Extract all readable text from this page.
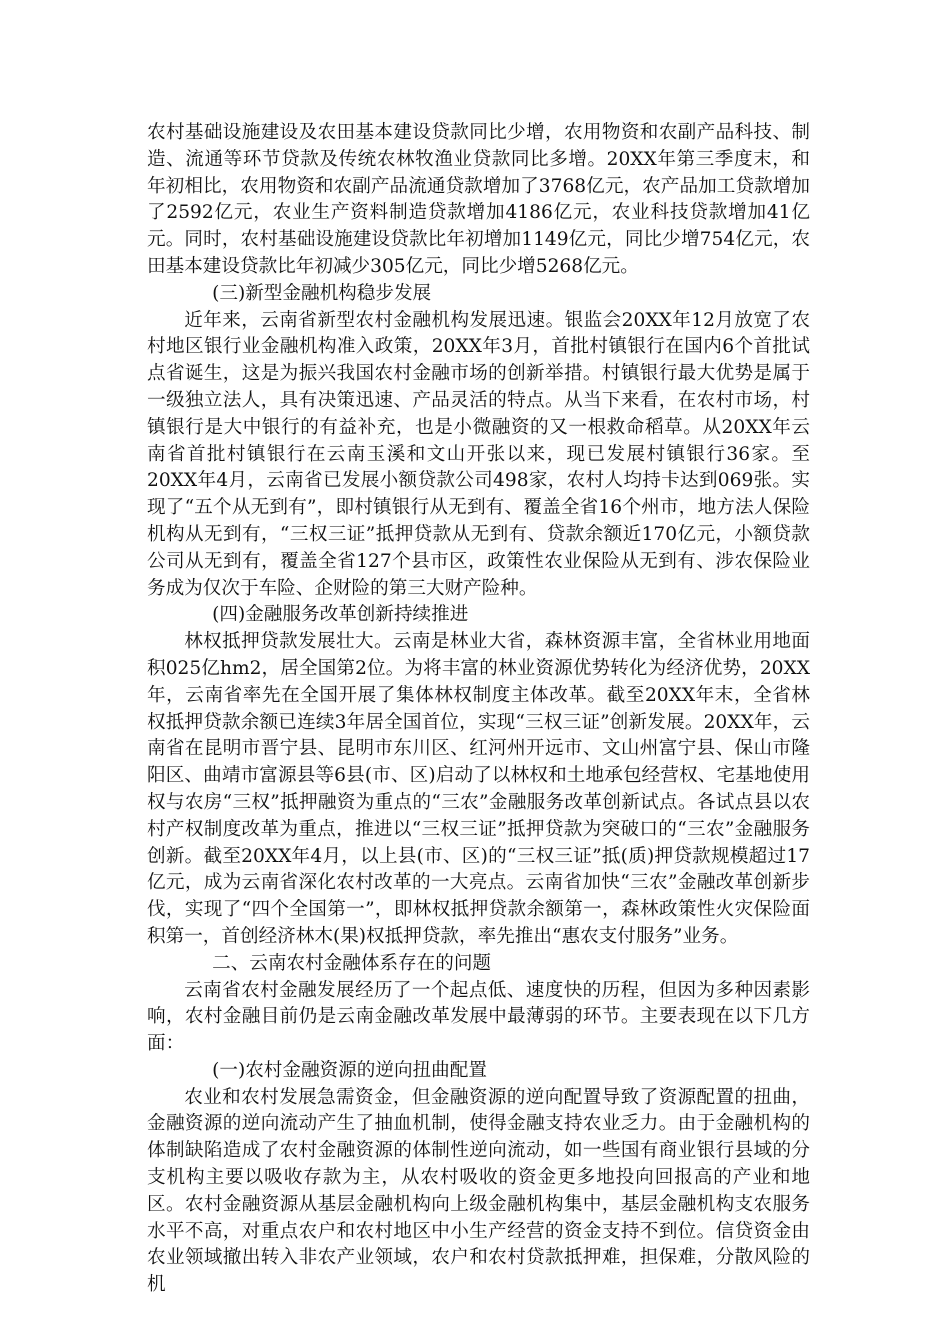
农村基础设施建设及农田基本建设贷款同比少增，农用物资和农副产品科技、制造、流通等环节贷款及传统农林牧渔业贷款同比多增。20XX年第三季度末，和年初相比，农用物资和农副产品流通贷款增加了3768亿元，农产品加工贷款增加了2592亿元，农业生产资料制造贷款增加4186亿元，农业科技贷款增加41亿元。同时，农村基础设施建设贷款比年初增加1149亿元，同比少增754亿元，农田基本建设贷款比年初减少305亿元，同比少增5268亿元。

(三)新型金融机构稳步发展

近年来，云南省新型农村金融机构发展迅速。银监会20XX年12月放宽了农村地区银行业金融机构准入政策，20XX年3月，首批村镇银行在国内6个首批试点省诞生，这是为振兴我国农村金融市场的创新举措。村镇银行最大优势是属于一级独立法人，具有决策迅速、产品灵活的特点。从当下来看，在农村市场，村镇银行是大中银行的有益补充，也是小微融资的又一根救命稻草。从20XX年云南省首批村镇银行在云南玉溪和文山开张以来，现已发展村镇银行36家。至20XX年4月，云南省已发展小额贷款公司498家，农村人均持卡达到069张。实现了“五个从无到有”，即村镇银行从无到有、覆盖全省16个州市，地方法人保险机构从无到有，“三权三证”抵押贷款从无到有、贷款余额近170亿元，小额贷款公司从无到有，覆盖全省127个县市区，政策性农业保险从无到有、涉农保险业务成为仅次于车险、企财险的第三大财产险种。

(四)金融服务改革创新持续推进

林权抵押贷款发展壮大。云南是林业大省，森林资源丰富，全省林业用地面积025亿hm2，居全国第2位。为将丰富的林业资源优势转化为经济优势，20XX年，云南省率先在全国开展了集体林权制度主体改革。截至20XX年末，全省林权抵押贷款余额已连续3年居全国首位，实现“三权三证”创新发展。20XX年，云南省在昆明市晋宁县、昆明市东川区、红河州开远市、文山州富宁县、保山市隆阳区、曲靖市富源县等6县(市、区)启动了以林权和土地承包经营权、宅基地使用权与农房“三权”抵押融资为重点的“三农”金融服务改革创新试点。各试点县以农村产权制度改革为重点，推进以“三权三证”抵押贷款为突破口的“三农”金融服务创新。截至20XX年4月，以上县(市、区)的“三权三证”抵(质)押贷款规模超过17亿元，成为云南省深化农村改革的一大亮点。云南省加快“三农”金融改革创新步伐，实现了“四个全国第一”，即林权抵押贷款余额第一，森林政策性火灾保险面积第一，首创经济林木(果)权抵押贷款，率先推出“惠农支付服务”业务。

二、云南农村金融体系存在的问题

云南省农村金融发展经历了一个起点低、速度快的历程，但因为多种因素影响，农村金融目前仍是云南金融改革发展中最薄弱的环节。主要表现在以下几方面：

(一)农村金融资源的逆向扭曲配置

农业和农村发展急需资金，但金融资源的逆向配置导致了资源配置的扭曲，金融资源的逆向流动产生了抽血机制，使得金融支持农业乏力。由于金融机构的体制缺陷造成了农村金融资源的体制性逆向流动，如一些国有商业银行县域的分支机构主要以吸收存款为主，从农村吸收的资金更多地投向回报高的产业和地区。农村金融资源从基层金融机构向上级金融机构集中，基层金融机构支农服务水平不高，对重点农户和农村地区中小生产经营的资金支持不到位。信贷资金由农业领域撤出转入非农产业领域，农户和农村贷款抵押难，担保难，分散风险的机
